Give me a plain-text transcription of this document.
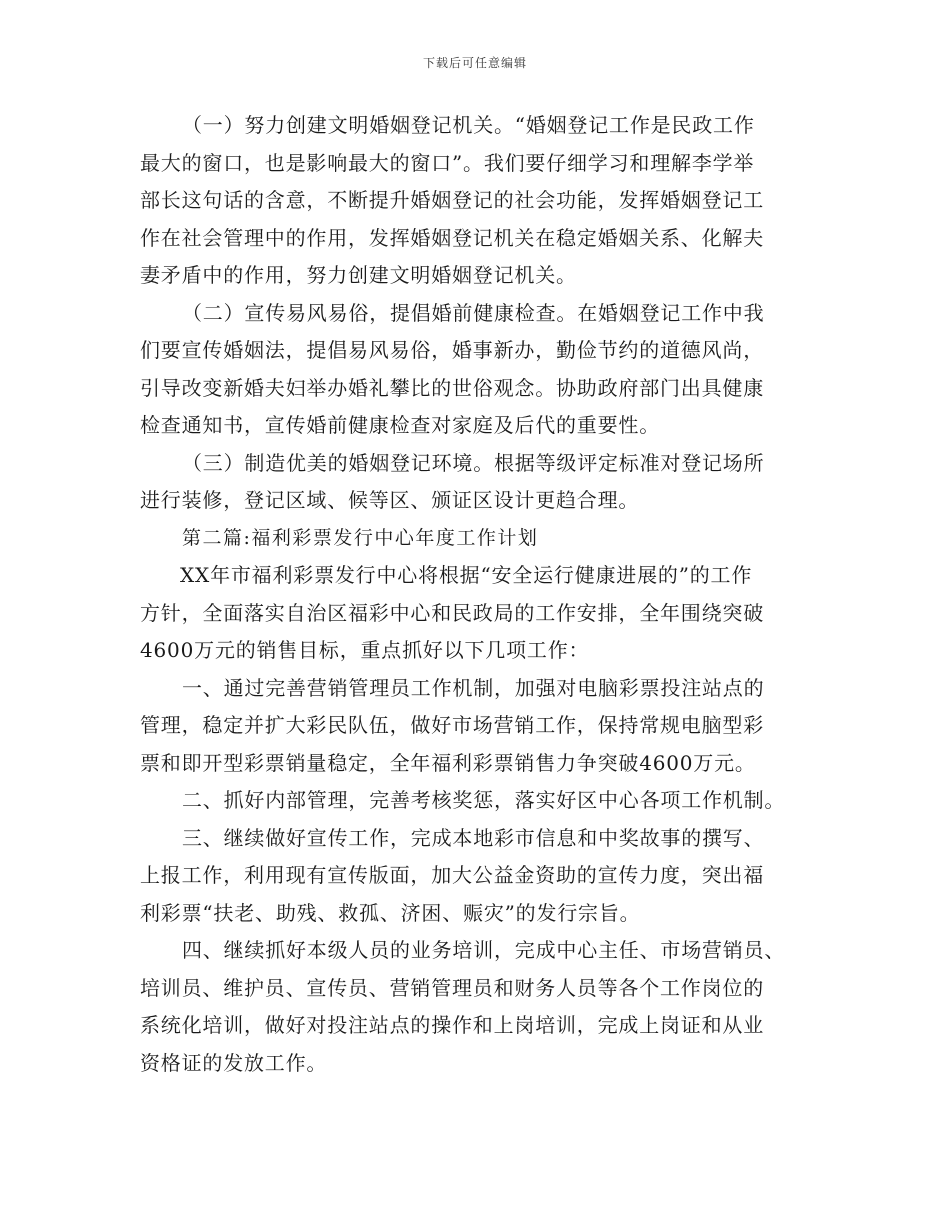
下载后可任意编辑
（一）努力创建文明婚姻登记机关。“婚姻登记工作是民政工作
最大的窗口，也是影响最大的窗口”。我们要仔细学习和理解李学举
部长这句话的含意，不断提升婚姻登记的社会功能，发挥婚姻登记工
作在社会管理中的作用，发挥婚姻登记机关在稳定婚姻关系、化解夫
妻矛盾中的作用，努力创建文明婚姻登记机关。
（二）宣传易风易俗，提倡婚前健康检查。在婚姻登记工作中我
们要宣传婚姻法，提倡易风易俗，婚事新办，勤俭节约的道德风尚，
引导改变新婚夫妇举办婚礼攀比的世俗观念。协助政府部门出具健康
检查通知书，宣传婚前健康检查对家庭及后代的重要性。
（三）制造优美的婚姻登记环境。根据等级评定标准对登记场所
进行装修，登记区域、候等区、颁证区设计更趋合理。
第二篇:福利彩票发行中心年度工作计划
XX年市福利彩票发行中心将根据“安全运行健康进展的”的工作
方针，全面落实自治区福彩中心和民政局的工作安排，全年围绕突破
4600万元的销售目标，重点抓好以下几项工作：
一、通过完善营销管理员工作机制，加强对电脑彩票投注站点的
管理，稳定并扩大彩民队伍，做好市场营销工作，保持常规电脑型彩
票和即开型彩票销量稳定，全年福利彩票销售力争突破4600万元。
二、抓好内部管理，完善考核奖惩，落实好区中心各项工作机制。
三、继续做好宣传工作，完成本地彩市信息和中奖故事的撰写、
上报工作，利用现有宣传版面，加大公益金资助的宣传力度，突出福
利彩票“扶老、助残、救孤、济困、赈灾”的发行宗旨。
四、继续抓好本级人员的业务培训，完成中心主任、市场营销员、
培训员、维护员、宣传员、营销管理员和财务人员等各个工作岗位的
系统化培训，做好对投注站点的操作和上岗培训，完成上岗证和从业
资格证的发放工作。
